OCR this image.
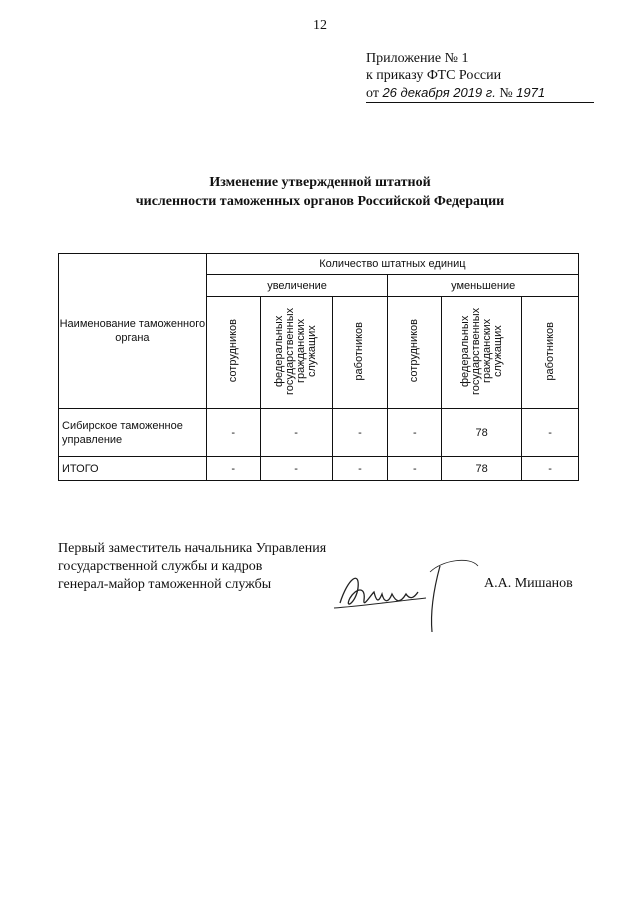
12
Приложение № 1
к приказу ФТС России
от 26 декабря 2019 г. № 1971
Изменение утвержденной штатной
численности таможенных органов Российской Федерации
Наименование таможенного органа	Количество штатных единиц					
	увеличение			уменьшение		
	сотрудников	федеральных государственных гражданских служащих	работников	сотрудников	федеральных государственных гражданских служащих	работников
Сибирское таможенное управление	-	-	-	-	78	-
ИТОГО	-	-	-	-	78	-
Первый заместитель начальника Управления
государственной службы и кадров
генерал-майор таможенной службы	А.А. Мишанов
